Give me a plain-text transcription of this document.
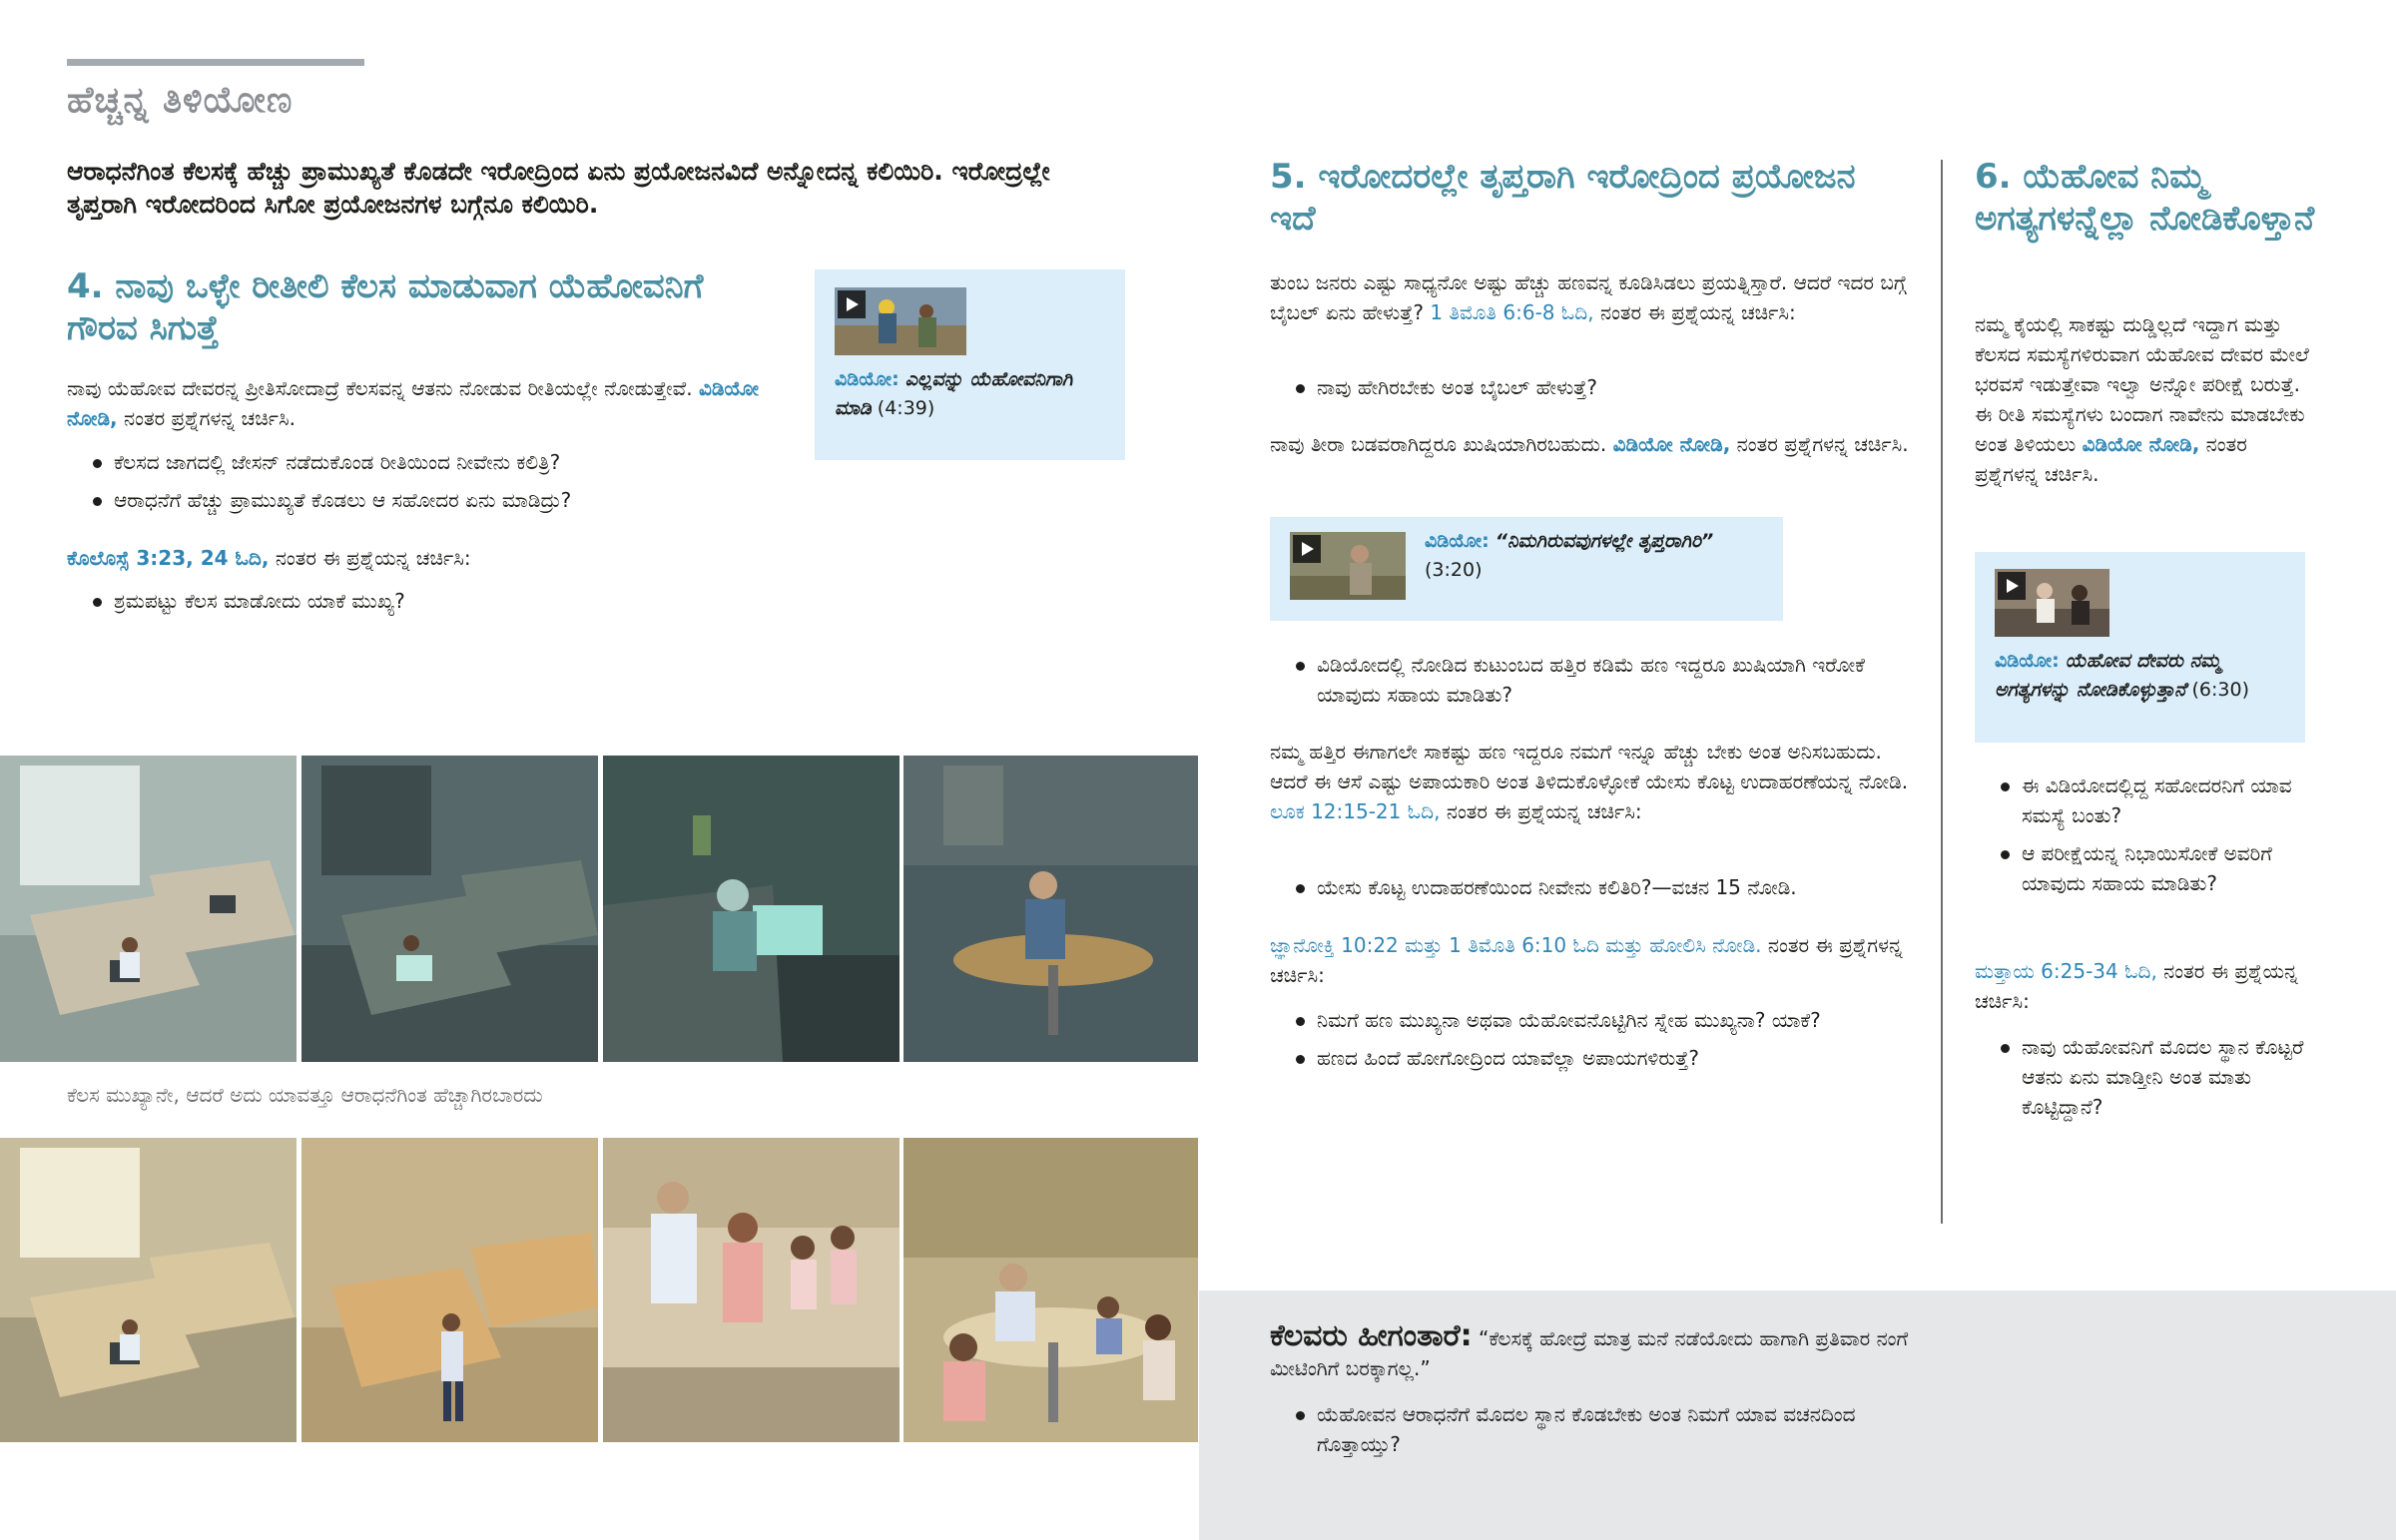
ಹೆಚ್ಚನ್ನ ತಿಳಿಯೋಣ
ಆರಾಧನೆಗಿಂತ ಕೆಲಸಕ್ಕೆ ಹೆಚ್ಚು ಪ್ರಾಮುಖ್ಯತೆ ಕೊಡದೇ ಇರೋದ್ರಿಂದ ಏನು ಪ್ರಯೋಜನವಿದೆ ಅನ್ನೋದನ್ನ ಕಲಿಯಿರಿ. ಇರೋದ್ರಲ್ಲೇ ತೃಪ್ತರಾಗಿ ಇರೋದರಿಂದ ಸಿಗೋ ಪ್ರಯೋಜನಗಳ ಬಗ್ಗೆನೂ ಕಲಿಯಿರಿ.
4. ನಾವು ಒಳ್ಳೇ ರೀತೀಲಿ ಕೆಲಸ ಮಾಡುವಾಗ ಯೆಹೋವನಿಗೆ ಗೌರವ ಸಿಗುತ್ತೆ
ನಾವು ಯೆಹೋವ ದೇವರನ್ನ ಪ್ರೀತಿಸೋದಾದ್ರೆ ಕೆಲಸವನ್ನ ಆತನು ನೋಡುವ ರೀತಿಯಲ್ಲೇ ನೋಡುತ್ತೇವೆ. ವಿಡಿಯೋ ನೋಡಿ, ನಂತರ ಪ್ರಶ್ನೆಗಳನ್ನ ಚರ್ಚಿಸಿ.
ಕೆಲಸದ ಜಾಗದಲ್ಲಿ ಜೇಸನ್ ನಡೆದುಕೊಂಡ ರೀತಿಯಿಂದ ನೀವೇನು ಕಲಿತ್ರಿ?
ಆರಾಧನೆಗೆ ಹೆಚ್ಚು ಪ್ರಾಮುಖ್ಯತೆ ಕೊಡಲು ಆ ಸಹೋದರ ಏನು ಮಾಡಿದ್ರು?
ಕೊಲೊಸ್ಸೆ 3:23, 24 ಓದಿ, ನಂತರ ಈ ಪ್ರಶ್ನೆಯನ್ನ ಚರ್ಚಿಸಿ:
ಶ್ರಮಪಟ್ಟು ಕೆಲಸ ಮಾಡೋದು ಯಾಕೆ ಮುಖ್ಯ?
ವಿಡಿಯೋ: ಎಲ್ಲವನ್ನು ಯೆಹೋವನಿಗಾಗಿ ಮಾಡಿ (4:39)
ಕೆಲಸ ಮುಖ್ಯಾನೇ, ಆದರೆ ಅದು ಯಾವತ್ತೂ ಆರಾಧನೆಗಿಂತ ಹೆಚ್ಚಾಗಿರಬಾರದು
5. ಇರೋದರಲ್ಲೇ ತೃಪ್ತರಾಗಿ ಇರೋದ್ರಿಂದ ಪ್ರಯೋಜನ ಇದೆ
ತುಂಬ ಜನರು ಎಷ್ಟು ಸಾಧ್ಯನೋ ಅಷ್ಟು ಹೆಚ್ಚು ಹಣವನ್ನ ಕೂಡಿಸಿಡಲು ಪ್ರಯತ್ನಿಸ್ತಾರೆ. ಆದರೆ ಇದರ ಬಗ್ಗೆ ಬೈಬಲ್ ಏನು ಹೇಳುತ್ತೆ? 1 ತಿಮೊತಿ 6:6-8 ಓದಿ, ನಂತರ ಈ ಪ್ರಶ್ನೆಯನ್ನ ಚರ್ಚಿಸಿ:
ನಾವು ಹೇಗಿರಬೇಕು ಅಂತ ಬೈಬಲ್ ಹೇಳುತ್ತೆ?
ನಾವು ತೀರಾ ಬಡವರಾಗಿದ್ದರೂ ಖುಷಿಯಾಗಿರಬಹುದು. ವಿಡಿಯೋ ನೋಡಿ, ನಂತರ ಪ್ರಶ್ನೆಗಳನ್ನ ಚರ್ಚಿಸಿ.
ವಿಡಿಯೋ: “ನಿಮಗಿರುವವುಗಳಲ್ಲೇ ತೃಪ್ತರಾಗಿರಿ” (3:20)
ವಿಡಿಯೋದಲ್ಲಿ ನೋಡಿದ ಕುಟುಂಬದ ಹತ್ತಿರ ಕಡಿಮೆ ಹಣ ಇದ್ದರೂ ಖುಷಿಯಾಗಿ ಇರೋಕೆ ಯಾವುದು ಸಹಾಯ ಮಾಡಿತು?
ನಮ್ಮ ಹತ್ತಿರ ಈಗಾಗಲೇ ಸಾಕಷ್ಟು ಹಣ ಇದ್ದರೂ ನಮಗೆ ಇನ್ನೂ ಹೆಚ್ಚು ಬೇಕು ಅಂತ ಅನಿಸಬಹುದು. ಆದರೆ ಈ ಆಸೆ ಎಷ್ಟು ಅಪಾಯಕಾರಿ ಅಂತ ತಿಳಿದುಕೊಳ್ಳೋಕೆ ಯೇಸು ಕೊಟ್ಟ ಉದಾಹರಣೆಯನ್ನ ನೋಡಿ. ಲೂಕ 12:15-21 ಓದಿ, ನಂತರ ಈ ಪ್ರಶ್ನೆಯನ್ನ ಚರ್ಚಿಸಿ:
ಯೇಸು ಕೊಟ್ಟ ಉದಾಹರಣೆಯಿಂದ ನೀವೇನು ಕಲಿತಿರಿ?—ವಚನ 15 ನೋಡಿ.
ಜ್ಞಾನೋಕ್ತಿ 10:22 ಮತ್ತು 1 ತಿಮೊತಿ 6:10 ಓದಿ ಮತ್ತು ಹೋಲಿಸಿ ನೋಡಿ. ನಂತರ ಈ ಪ್ರಶ್ನೆಗಳನ್ನ ಚರ್ಚಿಸಿ:
ನಿಮಗೆ ಹಣ ಮುಖ್ಯನಾ ಅಥವಾ ಯೆಹೋವನೊಟ್ಟಿಗಿನ ಸ್ನೇಹ ಮುಖ್ಯನಾ? ಯಾಕೆ?
ಹಣದ ಹಿಂದೆ ಹೋಗೋದ್ರಿಂದ ಯಾವೆಲ್ಲಾ ಅಪಾಯಗಳಿರುತ್ತೆ?
6. ಯೆಹೋವ ನಿಮ್ಮ ಅಗತ್ಯಗಳನ್ನೆಲ್ಲಾ ನೋಡಿಕೊಳ್ತಾನೆ
ನಮ್ಮ ಕೈಯಲ್ಲಿ ಸಾಕಷ್ಟು ದುಡ್ಡಿಲ್ಲದೆ ಇದ್ದಾಗ ಮತ್ತು ಕೆಲಸದ ಸಮಸ್ಯೆಗಳಿರುವಾಗ ಯೆಹೋವ ದೇವರ ಮೇಲೆ ಭರವಸೆ ಇಡುತ್ತೇವಾ ಇಲ್ವಾ ಅನ್ನೋ ಪರೀಕ್ಷೆ ಬರುತ್ತೆ. ಈ ರೀತಿ ಸಮಸ್ಯೆಗಳು ಬಂದಾಗ ನಾವೇನು ಮಾಡಬೇಕು ಅಂತ ತಿಳಿಯಲು ವಿಡಿಯೋ ನೋಡಿ, ನಂತರ ಪ್ರಶ್ನೆಗಳನ್ನ ಚರ್ಚಿಸಿ.
ವಿಡಿಯೋ: ಯೆಹೋವ ದೇವರು ನಮ್ಮ ಅಗತ್ಯಗಳನ್ನು ನೋಡಿಕೊಳ್ಳುತ್ತಾನೆ (6:30)
ಈ ವಿಡಿಯೋದಲ್ಲಿದ್ದ ಸಹೋದರನಿಗೆ ಯಾವ ಸಮಸ್ಯೆ ಬಂತು?
ಆ ಪರೀಕ್ಷೆಯನ್ನ ನಿಭಾಯಿಸೋಕೆ ಅವರಿಗೆ ಯಾವುದು ಸಹಾಯ ಮಾಡಿತು?
ಮತ್ತಾಯ 6:25-34 ಓದಿ, ನಂತರ ಈ ಪ್ರಶ್ನೆಯನ್ನ ಚರ್ಚಿಸಿ:
ನಾವು ಯೆಹೋವನಿಗೆ ಮೊದಲ ಸ್ಥಾನ ಕೊಟ್ಟರೆ ಆತನು ಏನು ಮಾಡ್ತೀನಿ ಅಂತ ಮಾತು ಕೊಟ್ಟಿದ್ದಾನೆ?
ಕೆಲವರು ಹೀಗಂತಾರೆ: “ಕೆಲಸಕ್ಕೆ ಹೋದ್ರೆ ಮಾತ್ರ ಮನೆ ನಡೆಯೋದು ಹಾಗಾಗಿ ಪ್ರತಿವಾರ ನಂಗೆ ಮೀಟಿಂಗಿಗೆ ಬರಕ್ಕಾಗಲ್ಲ.”
ಯೆಹೋವನ ಆರಾಧನೆಗೆ ಮೊದಲ ಸ್ಥಾನ ಕೊಡಬೇಕು ಅಂತ ನಿಮಗೆ ಯಾವ ವಚನದಿಂದ ಗೊತ್ತಾಯ್ತು?
